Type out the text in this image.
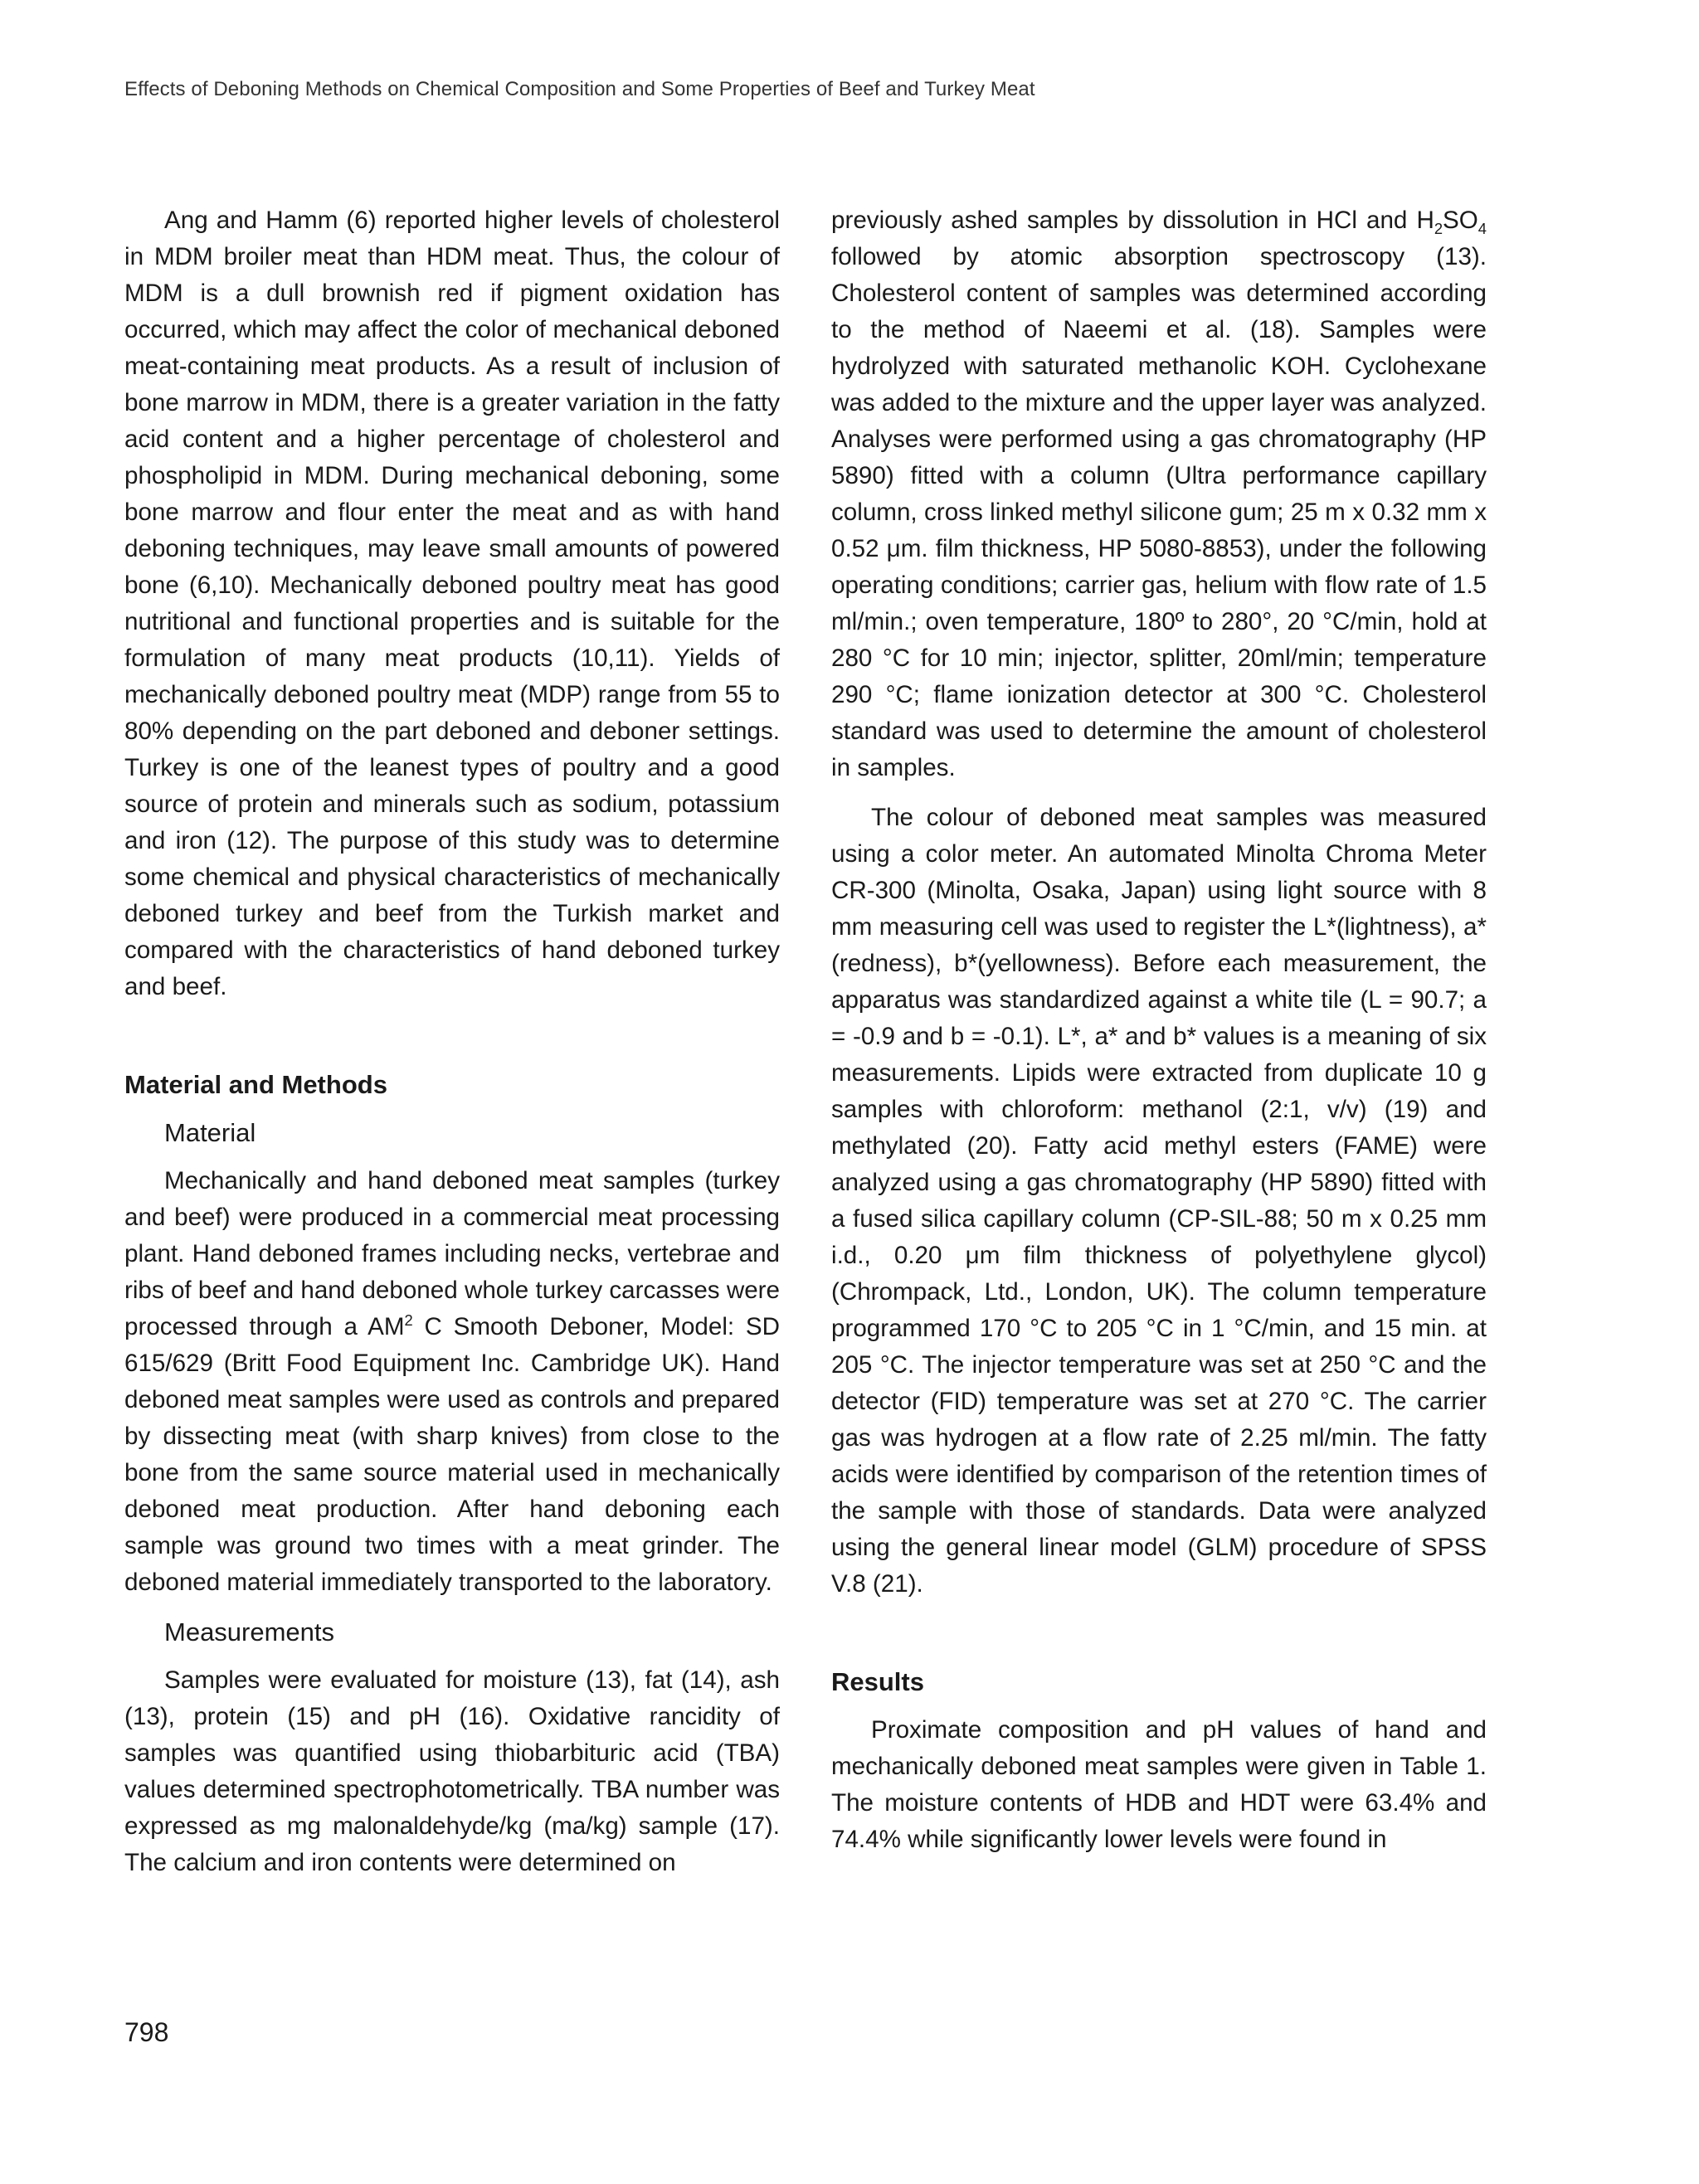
Effects of Deboning Methods on Chemical Composition and Some Properties of Beef and Turkey Meat

Ang and Hamm (6) reported higher levels of cholesterol in MDM broiler meat than HDM meat. Thus, the colour of MDM is a dull brownish red if pigment oxidation has occurred, which may affect the color of mechanical deboned meat-containing meat products. As a result of inclusion of bone marrow in MDM, there is a greater variation in the fatty acid content and a higher percentage of cholesterol and phospholipid in MDM. During mechanical deboning, some bone marrow and flour enter the meat and as with hand deboning techniques, may leave small amounts of powered bone (6,10). Mechanically deboned poultry meat has good nutritional and functional properties and is suitable for the formulation of many meat products (10,11). Yields of mechanically deboned poultry meat (MDP) range from 55 to 80% depending on the part deboned and deboner settings. Turkey is one of the leanest types of poultry and a good source of protein and minerals such as sodium, potassium and iron (12). The purpose of this study was to determine some chemical and physical characteristics of mechanically deboned turkey and beef from the Turkish market and compared with the characteristics of hand deboned turkey and beef.

Material and Methods
Material

Mechanically and hand deboned meat samples (turkey and beef) were produced in a commercial meat processing plant. Hand deboned frames including necks, vertebrae and ribs of beef and hand deboned whole turkey carcasses were processed through a $AM^2$ C Smooth Deboner, Model: SD 615/629 (Britt Food Equipment Inc. Cambridge UK). Hand deboned meat samples were used as controls and prepared by dissecting meat (with sharp knives) from close to the bone from the same source material used in mechanically deboned meat production. After hand deboning each sample was ground two times with a meat grinder. The deboned material immediately transported to the laboratory.

Measurements

Samples were evaluated for moisture (13), fat (14), ash (13), protein (15) and pH (16). Oxidative rancidity of samples was quantified using thiobarbituric acid (TBA) values determined spectrophotometrically. TBA number was expressed as mg malonaldehyde/kg (ma/kg) sample (17). The calcium and iron contents were determined on

previously ashed samples by dissolution in HCl and $H_2SO_4$ followed by atomic absorption spectroscopy (13). Cholesterol content of samples was determined according to the method of Naeemi et al. (18). Samples were hydrolyzed with saturated methanolic KOH. Cyclohexane was added to the mixture and the upper layer was analyzed. Analyses were performed using a gas chromatography (HP 5890) fitted with a column (Ultra performance capillary column, cross linked methyl silicone gum; 25 m x 0.32 mm x 0.52 μm. film thickness, HP 5080-8853), under the following operating conditions; carrier gas, helium with flow rate of 1.5 ml/min.; oven temperature, 180º to 280°, 20 °C/min, hold at 280 °C for 10 min; injector, splitter, 20ml/min; temperature 290 °C; flame ionization detector at 300 °C. Cholesterol standard was used to determine the amount of cholesterol in samples.

The colour of deboned meat samples was measured using a color meter. An automated Minolta Chroma Meter CR-300 (Minolta, Osaka, Japan) using light source with 8 mm measuring cell was used to register the L*(lightness), a*(redness), b*(yellowness). Before each measurement, the apparatus was standardized against a white tile (L = 90.7; a = -0.9 and b = -0.1). L*, a* and b* values is a meaning of six measurements. Lipids were extracted from duplicate 10 g samples with chloroform: methanol (2:1, v/v) (19) and methylated (20). Fatty acid methyl esters (FAME) were analyzed using a gas chromatography (HP 5890) fitted with a fused silica capillary column (CP-SIL-88; 50 m x 0.25 mm i.d., 0.20 μm film thickness of polyethylene glycol) (Chrompack, Ltd., London, UK). The column temperature programmed 170 °C to 205 °C in 1 °C/min, and 15 min. at 205 °C. The injector temperature was set at 250 °C and the detector (FID) temperature was set at 270 °C. The carrier gas was hydrogen at a flow rate of 2.25 ml/min. The fatty acids were identified by comparison of the retention times of the sample with those of standards. Data were analyzed using the general linear model (GLM) procedure of SPSS V.8 (21).

Results

Proximate composition and pH values of hand and mechanically deboned meat samples were given in Table 1. The moisture contents of HDB and HDT were 63.4% and 74.4% while significantly lower levels were found in

798
